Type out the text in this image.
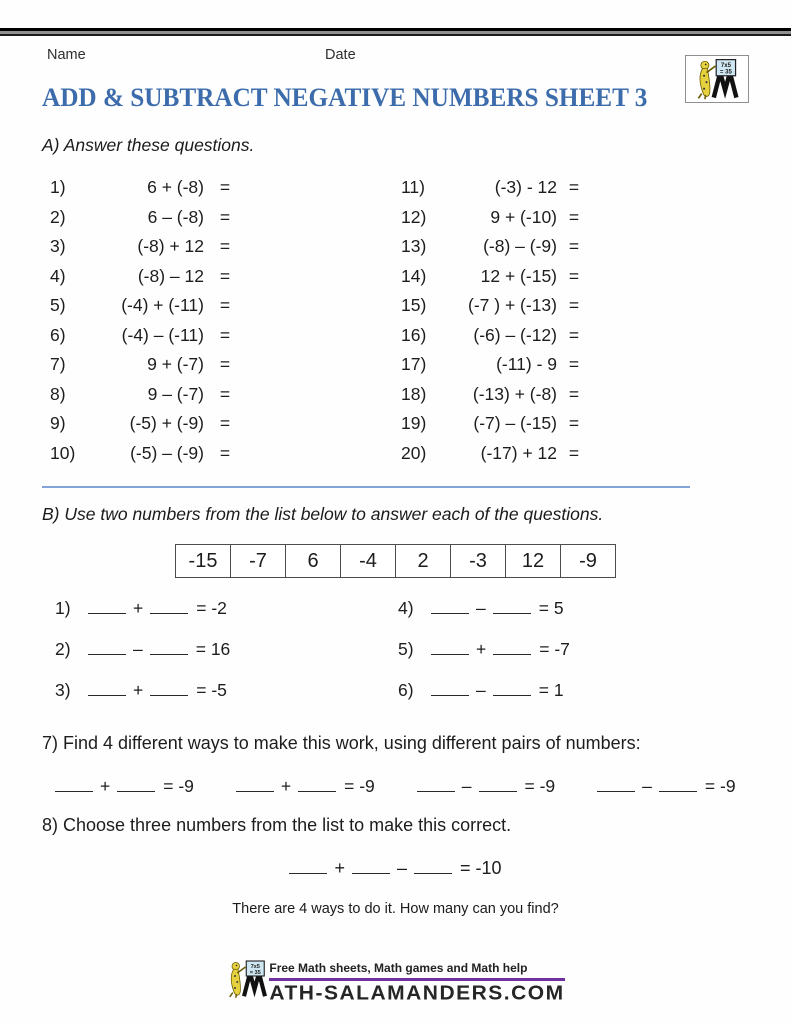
Name	Date
7x5
= 35
ADD & SUBTRACT NEGATIVE NUMBERS SHEET 3
A) Answer these questions.
1)	6 + (-8) =
2)	6 – (-8) =
3)	(-8) + 12 =
4)	(-8) – 12 =
5)	(-4) + (-11) =
6)	(-4) – (-11) =
7)	9 + (-7) =
8)	9 – (-7) =
9)	(-5) + (-9) =
10)	(-5) – (-9) =
11)	(-3) - 12 =
12)	9 + (-10) =
13)	(-8) – (-9) =
14)	12 + (-15) =
15)	(-7 ) + (-13) =
16)	(-6) – (-12) =
17)	(-11) - 9 =
18)	(-13) + (-8) =
19)	(-7) – (-15) =
20)	(-17) + 12 =
B) Use two numbers from the list below to answer each of the questions.
-15	-7	6	-4	2	-3	12	-9
1)	+	= -2
2)	–	= 16
3)	+	= -5
4)	–	= 5
5)	+	= -7
6)	–	= 1
7) Find 4 different ways to make this work, using different pairs of numbers:
+	= -9	+	= -9	–	= -9	–	= -9
8) Choose three numbers from the list to make this correct.
+	–	= -10
There are 4 ways to do it. How many can you find?
7x5
= 35 Free Math sheets, Math games and Math help
ATH-SALAMANDERS.COM
